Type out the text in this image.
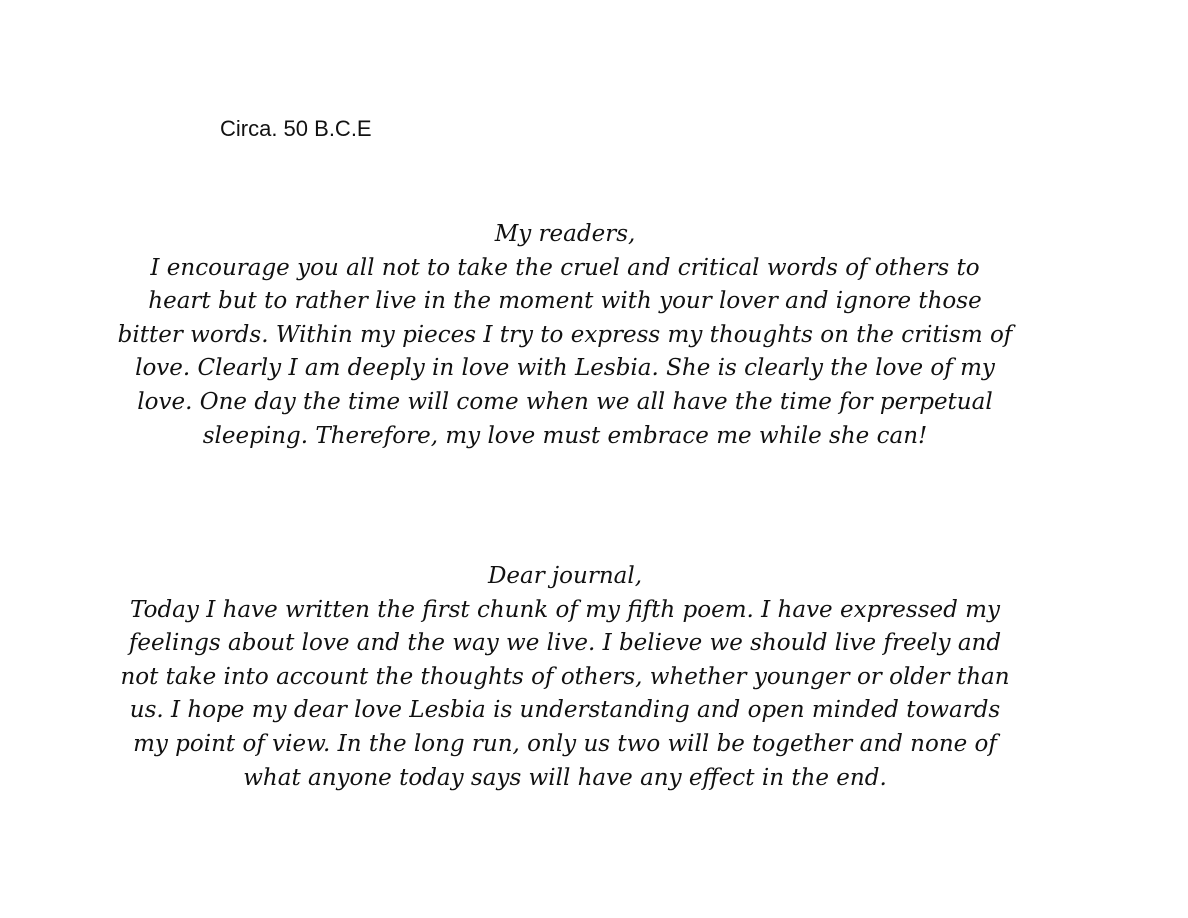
Circa. 50 B.C.E
My readers,
I encourage you all not to take the cruel and critical words of others to
heart but to rather live in the moment with your lover and ignore those
bitter words. Within my pieces I try to express my thoughts on the critism of
love. Clearly I am deeply in love with Lesbia. She is clearly the love of my
love. One day the time will come when we all have the time for perpetual
sleeping. Therefore, my love must embrace me while she can!
Dear journal,
Today I have written the first chunk of my fifth poem. I have expressed my
feelings about love and the way we live. I believe we should live freely and
not take into account the thoughts of others, whether younger or older than
us. I hope my dear love Lesbia is understanding and open minded towards
my point of view. In the long run, only us two will be together and none of
what anyone today says will have any effect in the end.
